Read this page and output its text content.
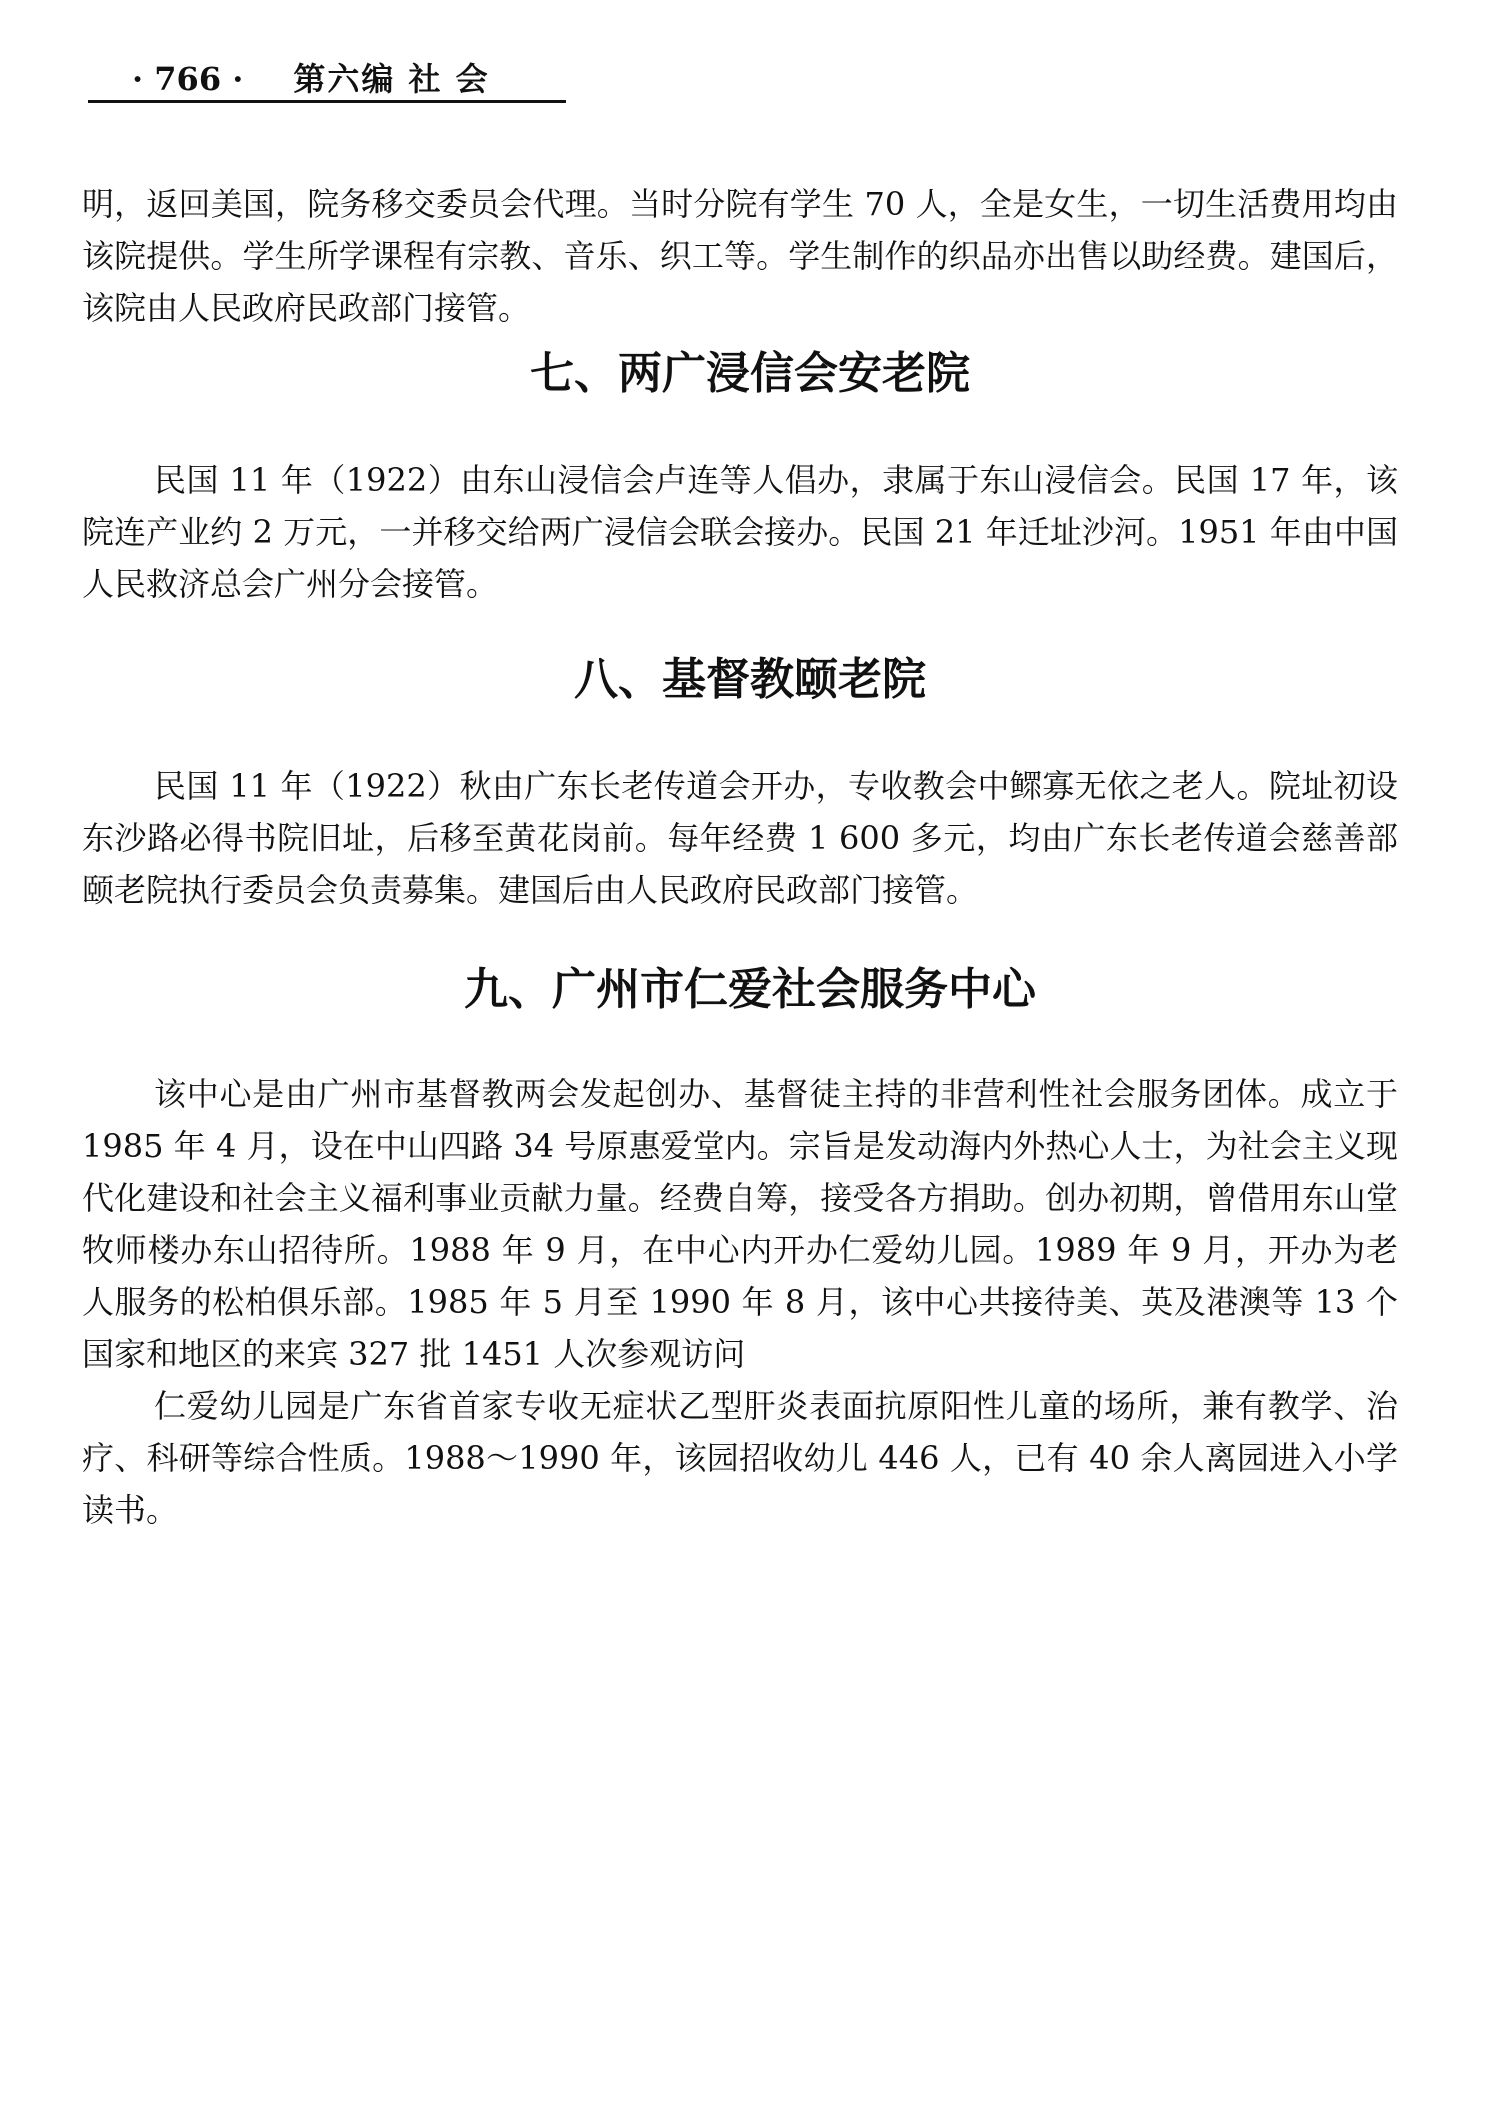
· 766 · 第六编 社 会

明，返回美国，院务移交委员会代理。当时分院有学生 70 人，全是女生，一切生活费用均由该院提供。学生所学课程有宗教、音乐、织工等。学生制作的织品亦出售以助经费。建国后，该院由人民政府民政部门接管。

七、两广浸信会安老院

民国 11 年（1922）由东山浸信会卢连等人倡办，隶属于东山浸信会。民国 17 年，该院连产业约 2 万元，一并移交给两广浸信会联会接办。民国 21 年迁址沙河。1951 年由中国人民救济总会广州分会接管。

八、基督教颐老院

民国 11 年（1922）秋由广东长老传道会开办，专收教会中鳏寡无依之老人。院址初设东沙路必得书院旧址，后移至黄花岗前。每年经费 1 600 多元，均由广东长老传道会慈善部颐老院执行委员会负责募集。建国后由人民政府民政部门接管。

九、广州市仁爱社会服务中心

该中心是由广州市基督教两会发起创办、基督徒主持的非营利性社会服务团体。成立于 1985 年 4 月，设在中山四路 34 号原惠爱堂内。宗旨是发动海内外热心人士，为社会主义现代化建设和社会主义福利事业贡献力量。经费自筹，接受各方捐助。创办初期，曾借用东山堂牧师楼办东山招待所。1988 年 9 月，在中心内开办仁爱幼儿园。1989 年 9 月，开办为老人服务的松柏俱乐部。1985 年 5 月至 1990 年 8 月，该中心共接待美、英及港澳等 13 个国家和地区的来宾 327 批 1451 人次参观访问

仁爱幼儿园是广东省首家专收无症状乙型肝炎表面抗原阳性儿童的场所，兼有教学、治疗、科研等综合性质。1988～1990 年，该园招收幼儿 446 人，已有 40 余人离园进入小学读书。
